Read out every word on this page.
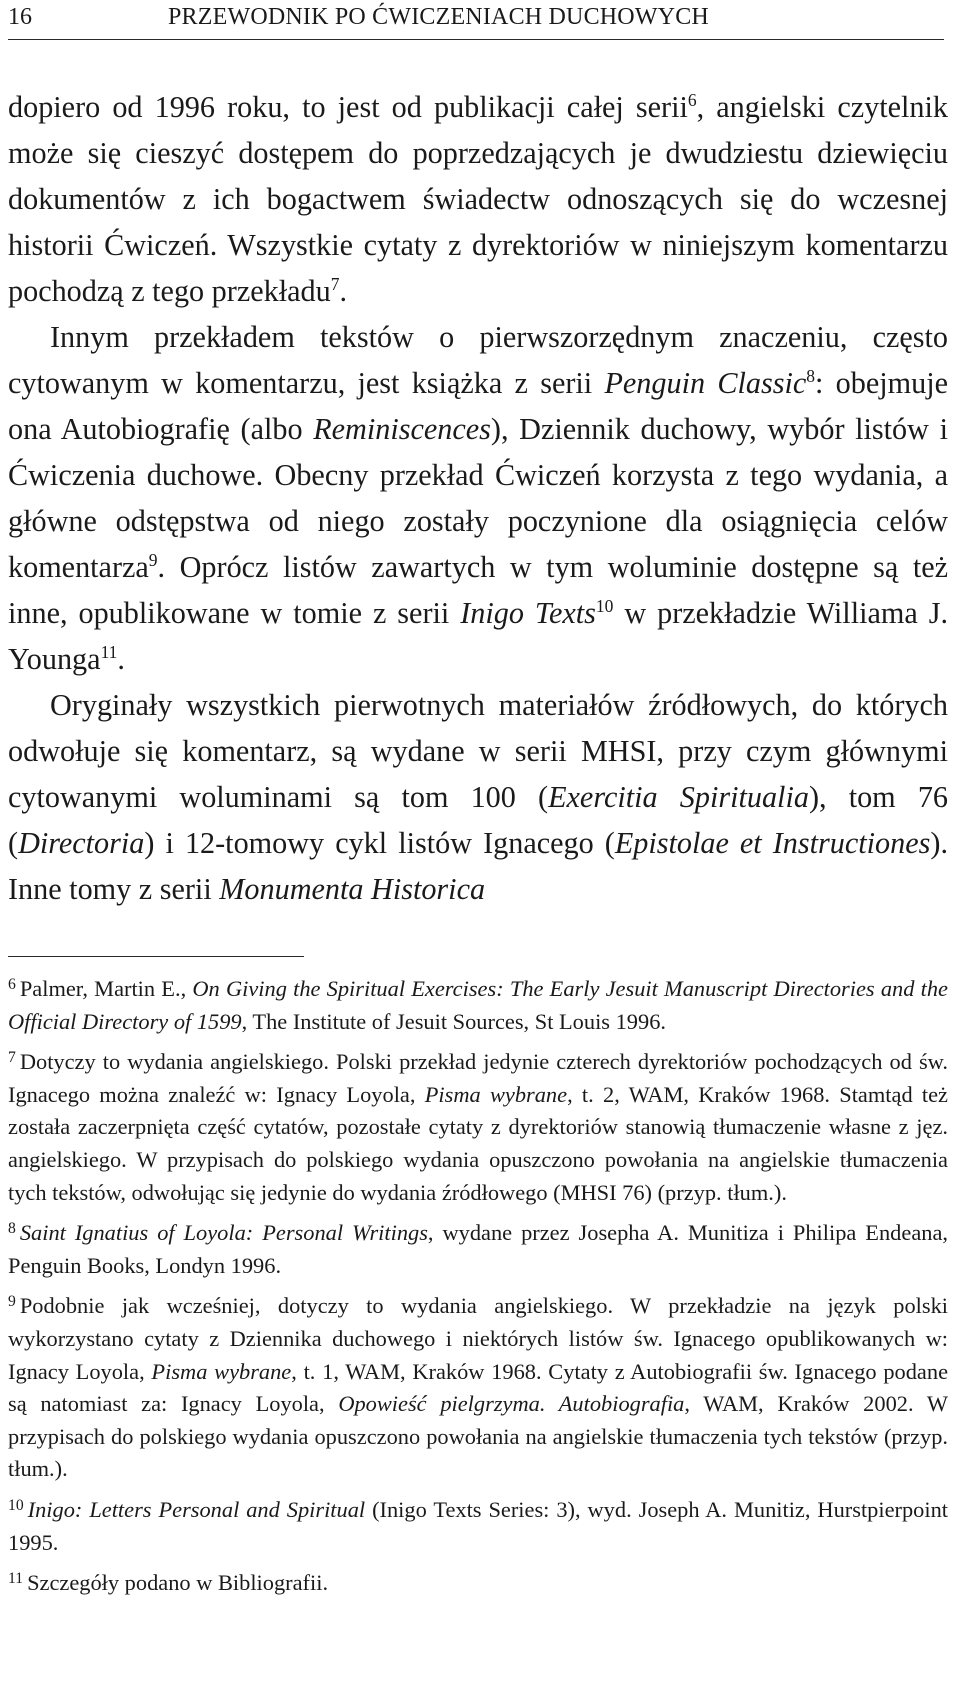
16	PRZEWODNIK PO ĆWICZENIACH DUCHOWYCH

dopiero od 1996 roku, to jest od publikacji całej serii$^6$, angielski czytelnik może się cieszyć dostępem do poprzedzających je dwudziestu dziewięciu dokumentów z ich bogactwem świadectw odnoszących się do wczesnej historii Ćwiczeń. Wszystkie cytaty z dyrektoriów w niniejszym komentarzu pochodzą z tego przekładu$^7$.

Innym przekładem tekstów o pierwszorzędnym znaczeniu, często cytowanym w komentarzu, jest książka z serii Penguin Classic$^8$: obejmuje ona Autobiografię (albo Reminiscences), Dziennik duchowy, wybór listów i Ćwiczenia duchowe. Obecny przekład Ćwiczeń korzysta z tego wydania, a główne odstępstwa od niego zostały poczynione dla osiągnięcia celów komentarza$^9$. Oprócz listów zawartych w tym woluminie dostępne są też inne, opublikowane w tomie z serii Inigo Texts$^{10}$ w przekładzie Williama J. Younga$^{11}$.

Oryginały wszystkich pierwotnych materiałów źródłowych, do których odwołuje się komentarz, są wydane w serii MHSI, przy czym głównymi cytowanymi woluminami są tom 100 (Exercitia Spiritualia), tom 76 (Directoria) i 12-tomowy cykl listów Ignacego (Epistolae et Instructiones). Inne tomy z serii Monumenta Historica

$^6$ Palmer, Martin E., On Giving the Spiritual Exercises: The Early Jesuit Manuscript Directories and the Official Directory of 1599, The Institute of Jesuit Sources, St Louis 1996.

$^7$ Dotyczy to wydania angielskiego. Polski przekład jedynie czterech dyrektoriów pochodzących od św. Ignacego można znaleźć w: Ignacy Loyola, Pisma wybrane, t. 2, WAM, Kraków 1968. Stamtąd też została zaczerpnięta część cytatów, pozostałe cytaty z dyrektoriów stanowią tłumaczenie własne z jęz. angielskiego. W przypisach do polskiego wydania opuszczono powołania na angielskie tłumaczenia tych tekstów, odwołując się jedynie do wydania źródłowego (MHSI 76) (przyp. tłum.).

$^8$ Saint Ignatius of Loyola: Personal Writings, wydane przez Josepha A. Munitiza i Philipa Endeana, Penguin Books, Londyn 1996.

$^9$ Podobnie jak wcześniej, dotyczy to wydania angielskiego. W przekładzie na język polski wykorzystano cytaty z Dziennika duchowego i niektórych listów św. Ignacego opublikowanych w: Ignacy Loyola, Pisma wybrane, t. 1, WAM, Kraków 1968. Cytaty z Autobiografii św. Ignacego podane są natomiast za: Ignacy Loyola, Opowieść pielgrzyma. Autobiografia, WAM, Kraków 2002. W przypisach do polskiego wydania opuszczono powołania na angielskie tłumaczenia tych tekstów (przyp. tłum.).

$^{10}$ Inigo: Letters Personal and Spiritual (Inigo Texts Series: 3), wyd. Joseph A. Munitiz, Hurstpierpoint 1995.

$^{11}$ Szczegóły podano w Bibliografii.
